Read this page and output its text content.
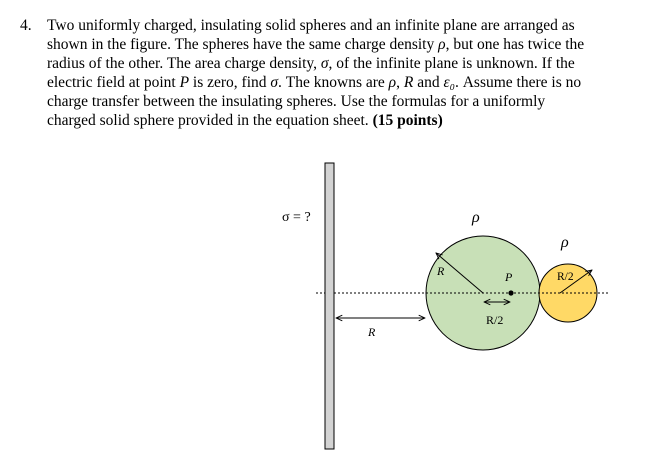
4. Two uniformly charged, insulating solid spheres and an infinite plane are arranged as
shown in the figure. The spheres have the same charge density ρ, but one has twice the
radius of the other. The area charge density, σ, of the infinite plane is unknown. If the
electric field at point P is zero, find σ. The knowns are ρ, R and ε₀. Assume there is no
charge transfer between the insulating spheres. Use the formulas for a uniformly
charged solid sphere provided in the equation sheet. (15 points)
R	R/2
P
R/2
R
σ = ?	ρ
ρ
